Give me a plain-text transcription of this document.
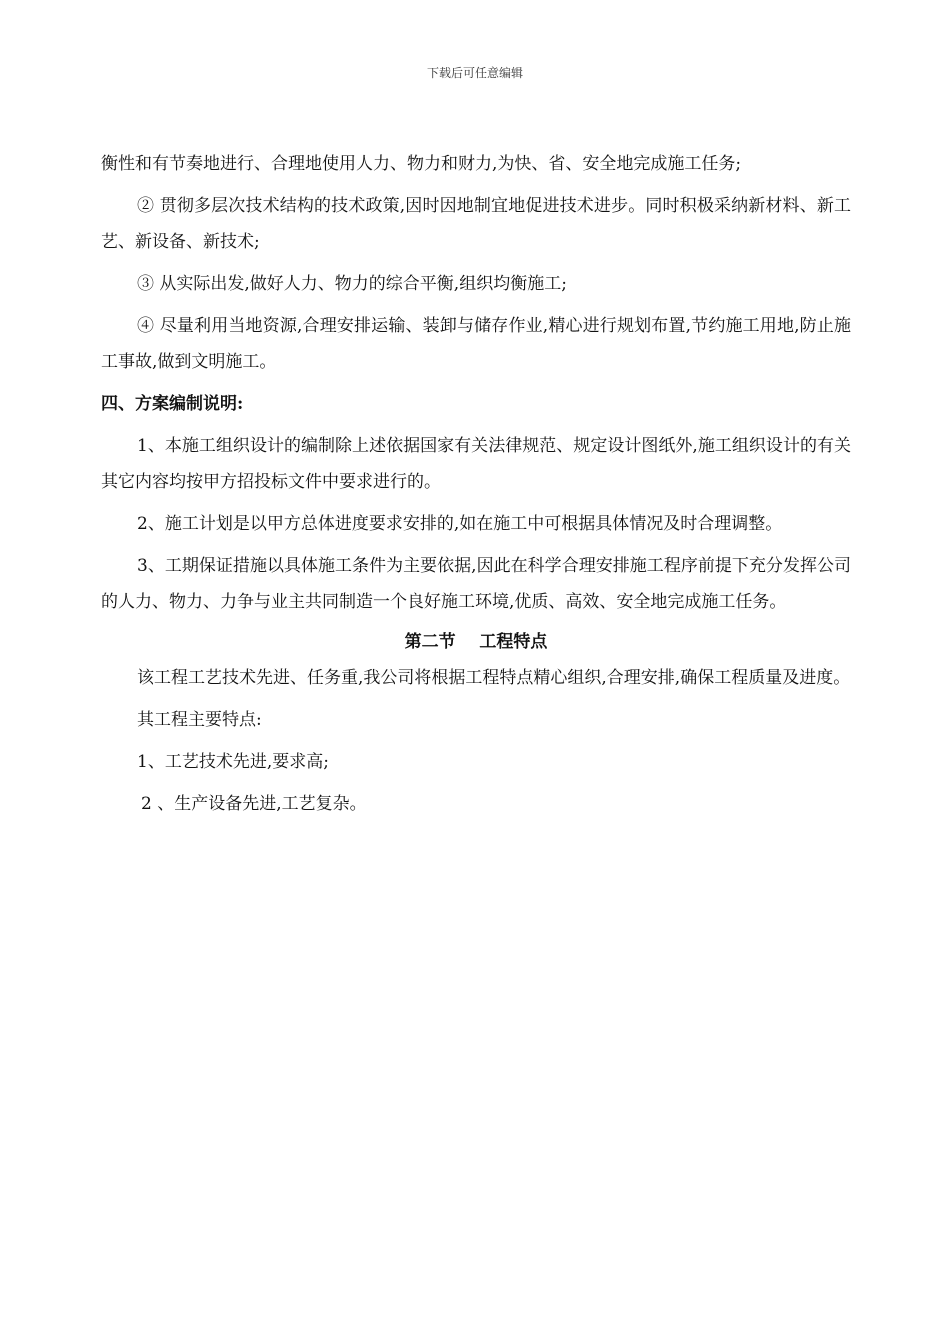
下载后可任意编辑

衡性和有节奏地进行、合理地使用人力、物力和财力,为快、省、安全地完成施工任务;

② 贯彻多层次技术结构的技术政策,因时因地制宜地促进技术进步。同时积极采纳新材料、新工艺、新设备、新技术;

③ 从实际出发,做好人力、物力的综合平衡,组织均衡施工;

④ 尽量利用当地资源,合理安排运输、装卸与储存作业,精心进行规划布置,节约施工用地,防止施工事故,做到文明施工。

四、方案编制说明:

1、本施工组织设计的编制除上述依据国家有关法律规范、规定设计图纸外,施工组织设计的有关其它内容均按甲方招投标文件中要求进行的。

2、施工计划是以甲方总体进度要求安排的,如在施工中可根据具体情况及时合理调整。

3、工期保证措施以具体施工条件为主要依据,因此在科学合理安排施工程序前提下充分发挥公司的人力、物力、力争与业主共同制造一个良好施工环境,优质、高效、安全地完成施工任务。

第二节 工程特点

该工程工艺技术先进、任务重,我公司将根据工程特点精心组织,合理安排,确保工程质量及进度。

其工程主要特点:

1、工艺技术先进,要求高;

2 、生产设备先进,工艺复杂。
